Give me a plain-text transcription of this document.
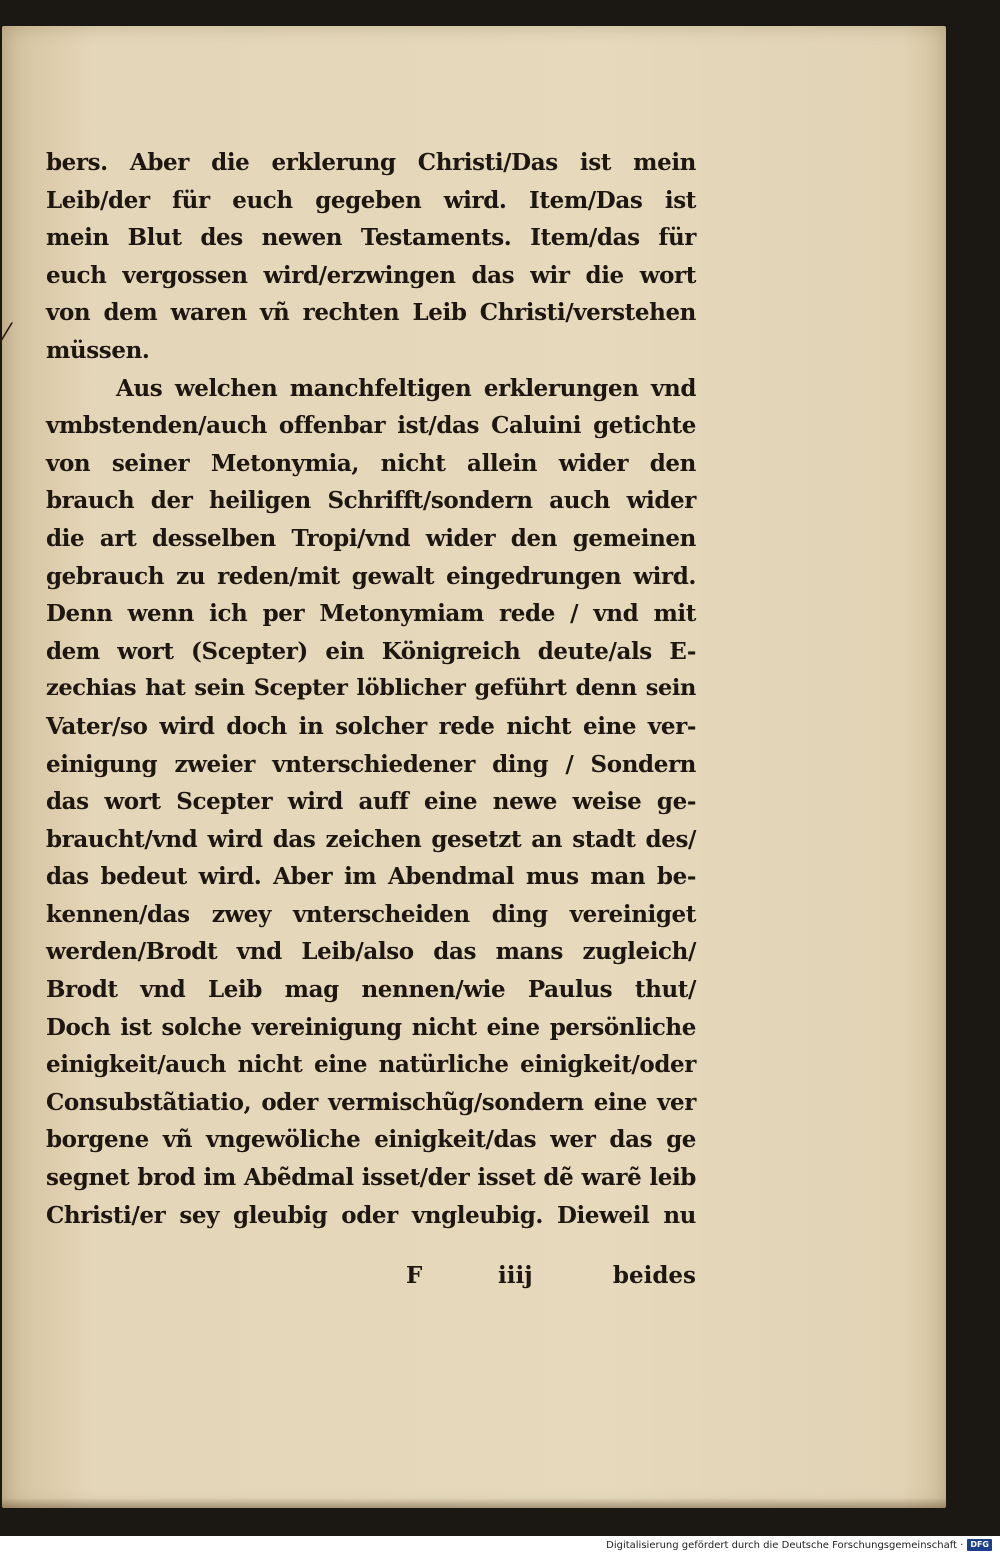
⁄
bers. Aber die erklerung Christi/Das ist mein
Leib/der für euch gegeben wird. Item/Das ist
mein Blut des newen Testaments. Item/das für
euch vergossen wird/erzwingen das wir die wort
von dem waren vñ rechten Leib Christi/verstehen
müssen.
Aus welchen manchfeltigen erklerungen vnd
vmbstenden/auch offenbar ist/das Caluini getichte
von seiner Metonymia, nicht allein wider den
brauch der heiligen Schrifft/sondern auch wider
die art desselben Tropi/vnd wider den gemeinen
gebrauch zu reden/mit gewalt eingedrungen wird.
Denn wenn ich per Metonymiam rede / vnd mit
dem wort (Scepter) ein Königreich deute/als E-
zechias hat sein Scepter löblicher geführt denn sein
Vater/so wird doch in solcher rede nicht eine ver-
einigung zweier vnterschiedener ding / Sondern
das wort Scepter wird auff eine newe weise ge-
braucht/vnd wird das zeichen gesetzt an stadt des/
das bedeut wird. Aber im Abendmal mus man be-
kennen/das zwey vnterscheiden ding vereiniget
werden/Brodt vnd Leib/also das mans zugleich/
Brodt vnd Leib mag nennen/wie Paulus thut/
Doch ist solche vereinigung nicht eine persönliche
einigkeit/auch nicht eine natürliche einigkeit/oder
Consubstãtiatio, oder vermischũg/sondern eine ver
borgene vñ vngewöliche einigkeit/das wer das ge
segnet brod im Abẽdmal isset/der isset dẽ warẽ leib
Christi/er sey gleubig oder vngleubig. Dieweil nu
F	iiij	beides
Digitalisierung gefördert durch die Deutsche Forschungsgemeinschaft · DFG
